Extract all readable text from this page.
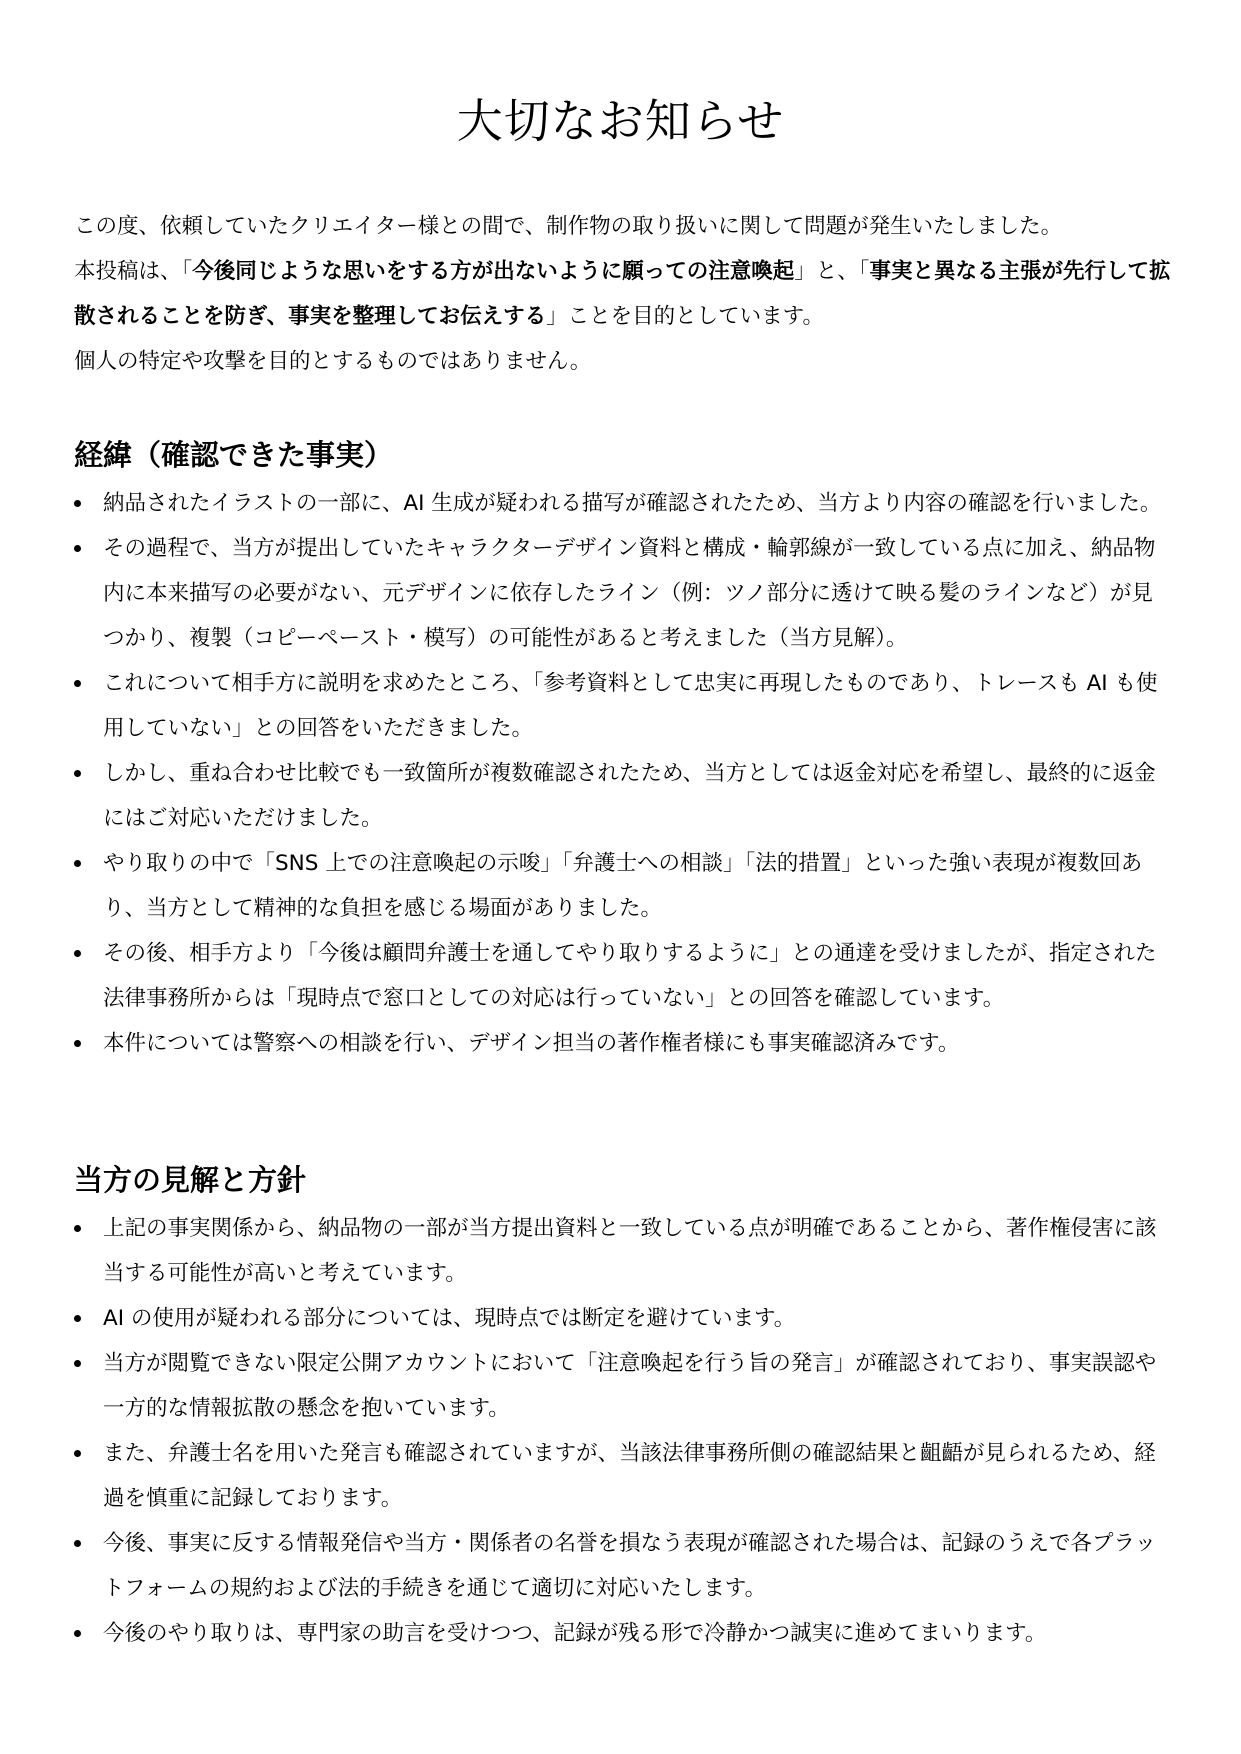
大切なお知らせ

この度、依頼していたクリエイター様との間で、制作物の取り扱いに関して問題が発生いたしました。

本投稿は、「今後同じような思いをする方が出ないように願っての注意喚起」と、「事実と異なる主張が先行して拡散されることを防ぎ、事実を整理してお伝えする」ことを目的としています。

個人の特定や攻撃を目的とするものではありません。

経緯（確認できた事実）
納品されたイラストの一部に、AI 生成が疑われる描写が確認されたため、当方より内容の確認を行いました。
その過程で、当方が提出していたキャラクターデザイン資料と構成・輪郭線が一致している点に加え、納品物内に本来描写の必要がない、元デザインに依存したライン（例：ツノ部分に透けて映る髪のラインなど）が見つかり、複製（コピーペースト・模写）の可能性があると考えました（当方見解）。
これについて相手方に説明を求めたところ、「参考資料として忠実に再現したものであり、トレースも AI も使用していない」との回答をいただきました。
しかし、重ね合わせ比較でも一致箇所が複数確認されたため、当方としては返金対応を希望し、最終的に返金にはご対応いただけました。
やり取りの中で「SNS 上での注意喚起の示唆」「弁護士への相談」「法的措置」といった強い表現が複数回あり、当方として精神的な負担を感じる場面がありました。
その後、相手方より「今後は顧問弁護士を通してやり取りするように」との通達を受けましたが、指定された法律事務所からは「現時点で窓口としての対応は行っていない」との回答を確認しています。
本件については警察への相談を行い、デザイン担当の著作権者様にも事実確認済みです。
当方の見解と方針
上記の事実関係から、納品物の一部が当方提出資料と一致している点が明確であることから、著作権侵害に該当する可能性が高いと考えています。
AI の使用が疑われる部分については、現時点では断定を避けています。
当方が閲覧できない限定公開アカウントにおいて「注意喚起を行う旨の発言」が確認されており、事実誤認や一方的な情報拡散の懸念を抱いています。
また、弁護士名を用いた発言も確認されていますが、当該法律事務所側の確認結果と齟齬が見られるため、経過を慎重に記録しております。
今後、事実に反する情報発信や当方・関係者の名誉を損なう表現が確認された場合は、記録のうえで各プラットフォームの規約および法的手続きを通じて適切に対応いたします。
今後のやり取りは、専門家の助言を受けつつ、記録が残る形で冷静かつ誠実に進めてまいります。
